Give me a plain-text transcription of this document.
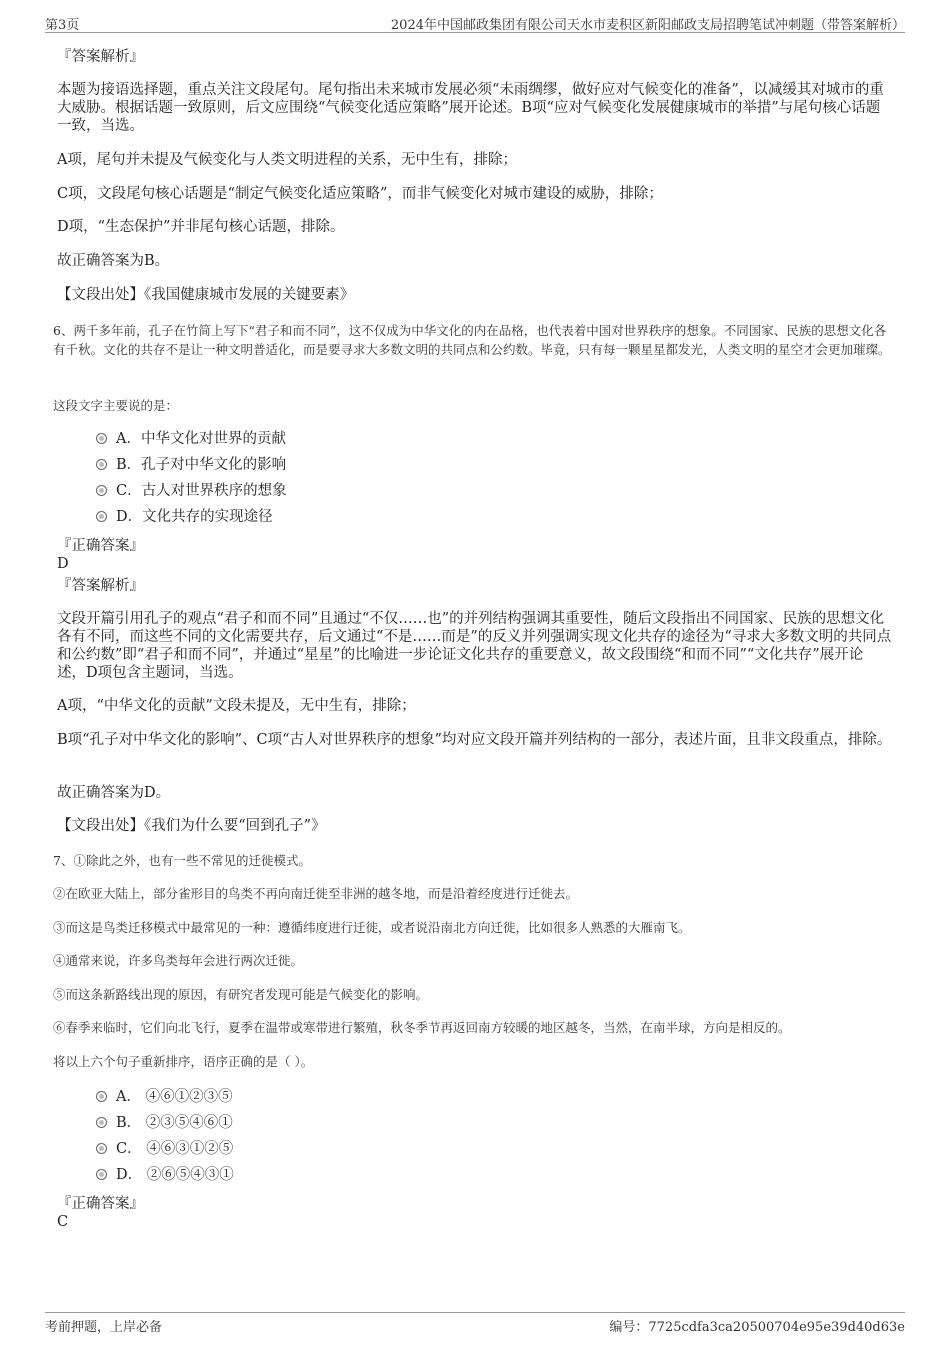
第3页	2024年中国邮政集团有限公司天水市麦积区新阳邮政支局招聘笔试冲刺题（带答案解析）
『答案解析』
本题为接语选择题，重点关注文段尾句。尾句指出未来城市发展必须“未雨绸缪，做好应对气候变化的准备”，以减缓其对城市的重大威胁。根据话题一致原则，后文应围绕“气候变化适应策略”展开论述。B项“应对气候变化发展健康城市的举措”与尾句核心话题一致，当选。
A项，尾句并未提及气候变化与人类文明进程的关系，无中生有，排除；
C项，文段尾句核心话题是“制定气候变化适应策略”，而非气候变化对城市建设的威胁，排除；
D项，“生态保护”并非尾句核心话题，排除。
故正确答案为B。
【文段出处】《我国健康城市发展的关键要素》
6、两千多年前，孔子在竹简上写下“君子和而不同”，这不仅成为中华文化的内在品格，也代表着中国对世界秩序的想象。不同国家、民族的思想文化各有千秋。文化的共存不是让一种文明普适化，而是要寻求大多数文明的共同点和公约数。毕竟，只有每一颗星星都发光，人类文明的星空才会更加璀璨。
这段文字主要说的是：
A．中华文化对世界的贡献
B．孔子对中华文化的影响
C．古人对世界秩序的想象
D．文化共存的实现途径
『正确答案』
D
『答案解析』
文段开篇引用孔子的观点“君子和而不同”且通过“不仅……也”的并列结构强调其重要性，随后文段指出不同国家、民族的思想文化各有不同，而这些不同的文化需要共存，后文通过“不是……而是”的反义并列强调实现文化共存的途径为“寻求大多数文明的共同点和公约数”即“君子和而不同”，并通过“星星”的比喻进一步论证文化共存的重要意义，故文段围绕“和而不同”“文化共存”展开论述，D项包含主题词，当选。
A项，“中华文化的贡献”文段未提及，无中生有，排除；
B项“孔子对中华文化的影响”、C项“古人对世界秩序的想象”均对应文段开篇并列结构的一部分，表述片面，且非文段重点，排除。
故正确答案为D。
【文段出处】《我们为什么要“回到孔子”》
7、①除此之外，也有一些不常见的迁徙模式。
②在欧亚大陆上，部分雀形目的鸟类不再向南迁徙至非洲的越冬地，而是沿着经度进行迁徙去。
③而这是鸟类迁移模式中最常见的一种：遵循纬度进行迁徙，或者说沿南北方向迁徙，比如很多人熟悉的大雁南飞。
④通常来说，许多鸟类每年会进行两次迁徙。
⑤而这条新路线出现的原因，有研究者发现可能是气候变化的影响。
⑥春季来临时，它们向北飞行，夏季在温带或寒带进行繁殖，秋冬季节再返回南方较暖的地区越冬，当然，在南半球，方向是相反的。
将以上六个句子重新排序，语序正确的是（ ）。
A． ④⑥①②③⑤
B． ②③⑤④⑥①
C． ④⑥③①②⑤
D． ②⑥⑤④③①
『正确答案』
C
考前押题，上岸必备	编号：7725cdfa3ca20500704e95e39d40d63e
